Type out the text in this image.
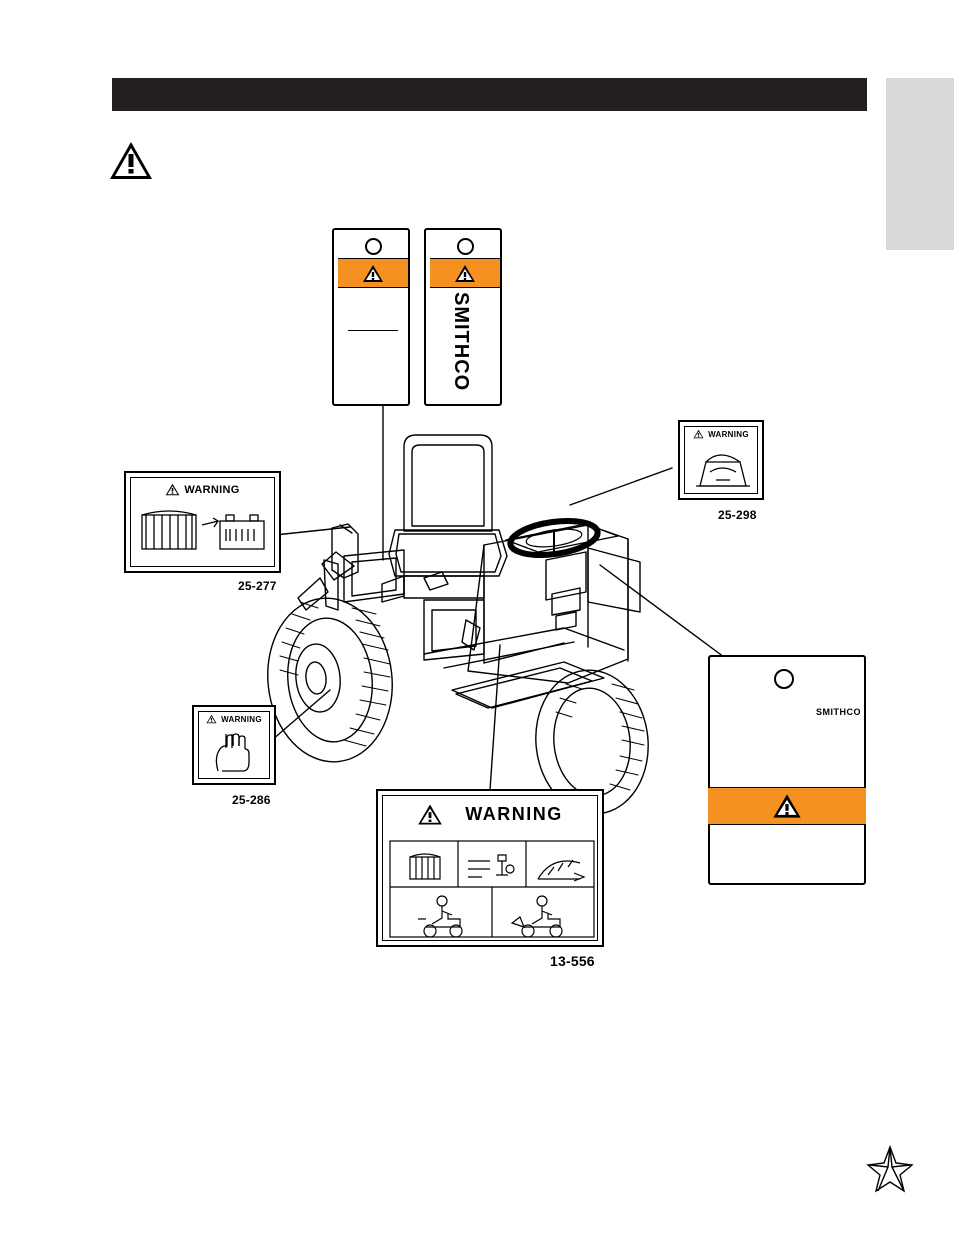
SMITHCO
SMITHCO
WARNING
25-277
WARNING
25-286
WARNING
25-298
WARNING
13-556
